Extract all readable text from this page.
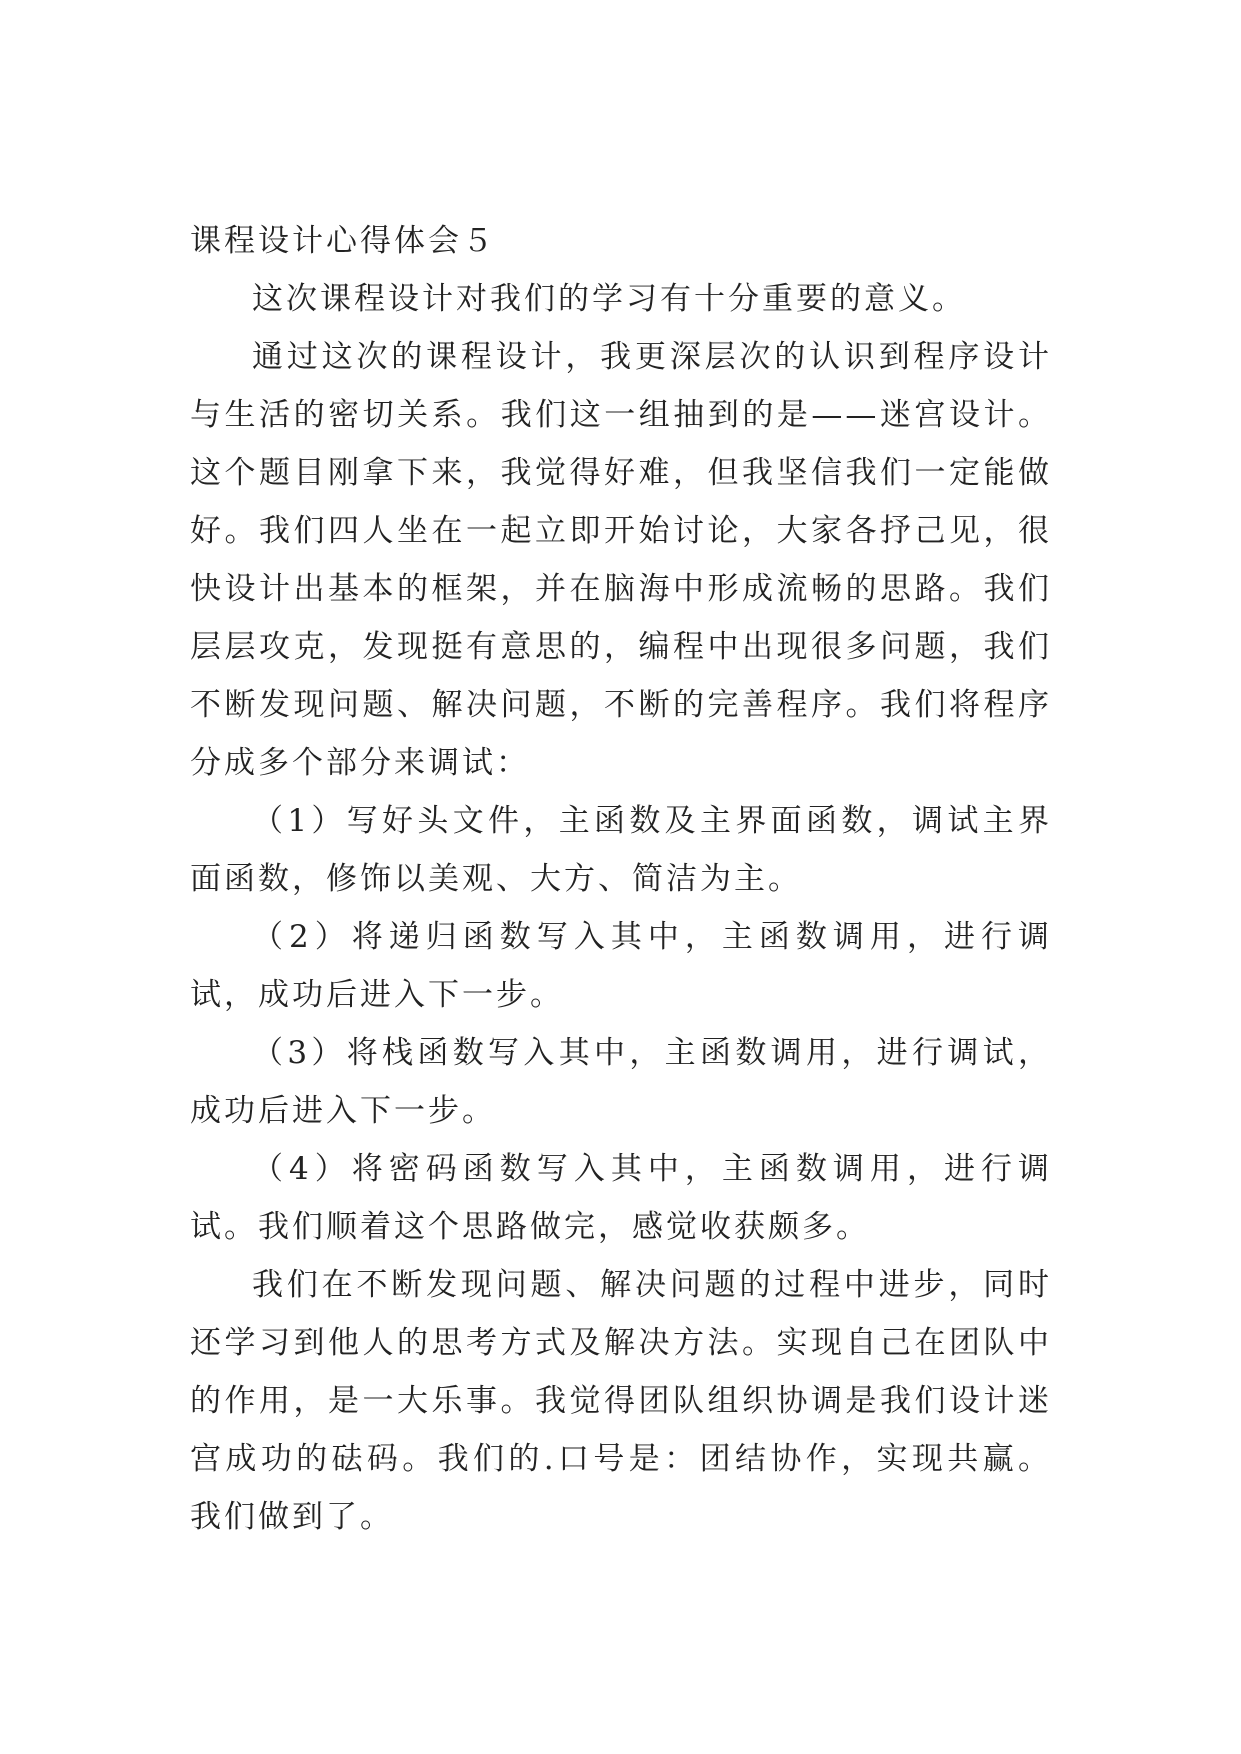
课程设计心得体会５

这次课程设计对我们的学习有十分重要的意义。

通过这次的课程设计，我更深层次的认识到程序设计与生活的密切关系。我们这一组抽到的是——迷宫设计。这个题目刚拿下来，我觉得好难，但我坚信我们一定能做好。我们四人坐在一起立即开始讨论，大家各抒己见，很快设计出基本的框架，并在脑海中形成流畅的思路。我们层层攻克，发现挺有意思的，编程中出现很多问题，我们不断发现问题、解决问题，不断的完善程序。我们将程序分成多个部分来调试：

（1）写好头文件，主函数及主界面函数，调试主界面函数，修饰以美观、大方、简洁为主。

（2）将递归函数写入其中，主函数调用，进行调试，成功后进入下一步。

（3）将栈函数写入其中，主函数调用，进行调试，成功后进入下一步。

（4）将密码函数写入其中，主函数调用，进行调试。我们顺着这个思路做完，感觉收获颇多。

我们在不断发现问题、解决问题的过程中进步，同时还学习到他人的思考方式及解决方法。实现自己在团队中的作用，是一大乐事。我觉得团队组织协调是我们设计迷宫成功的砝码。我们的.口号是：团结协作，实现共赢。我们做到了。
